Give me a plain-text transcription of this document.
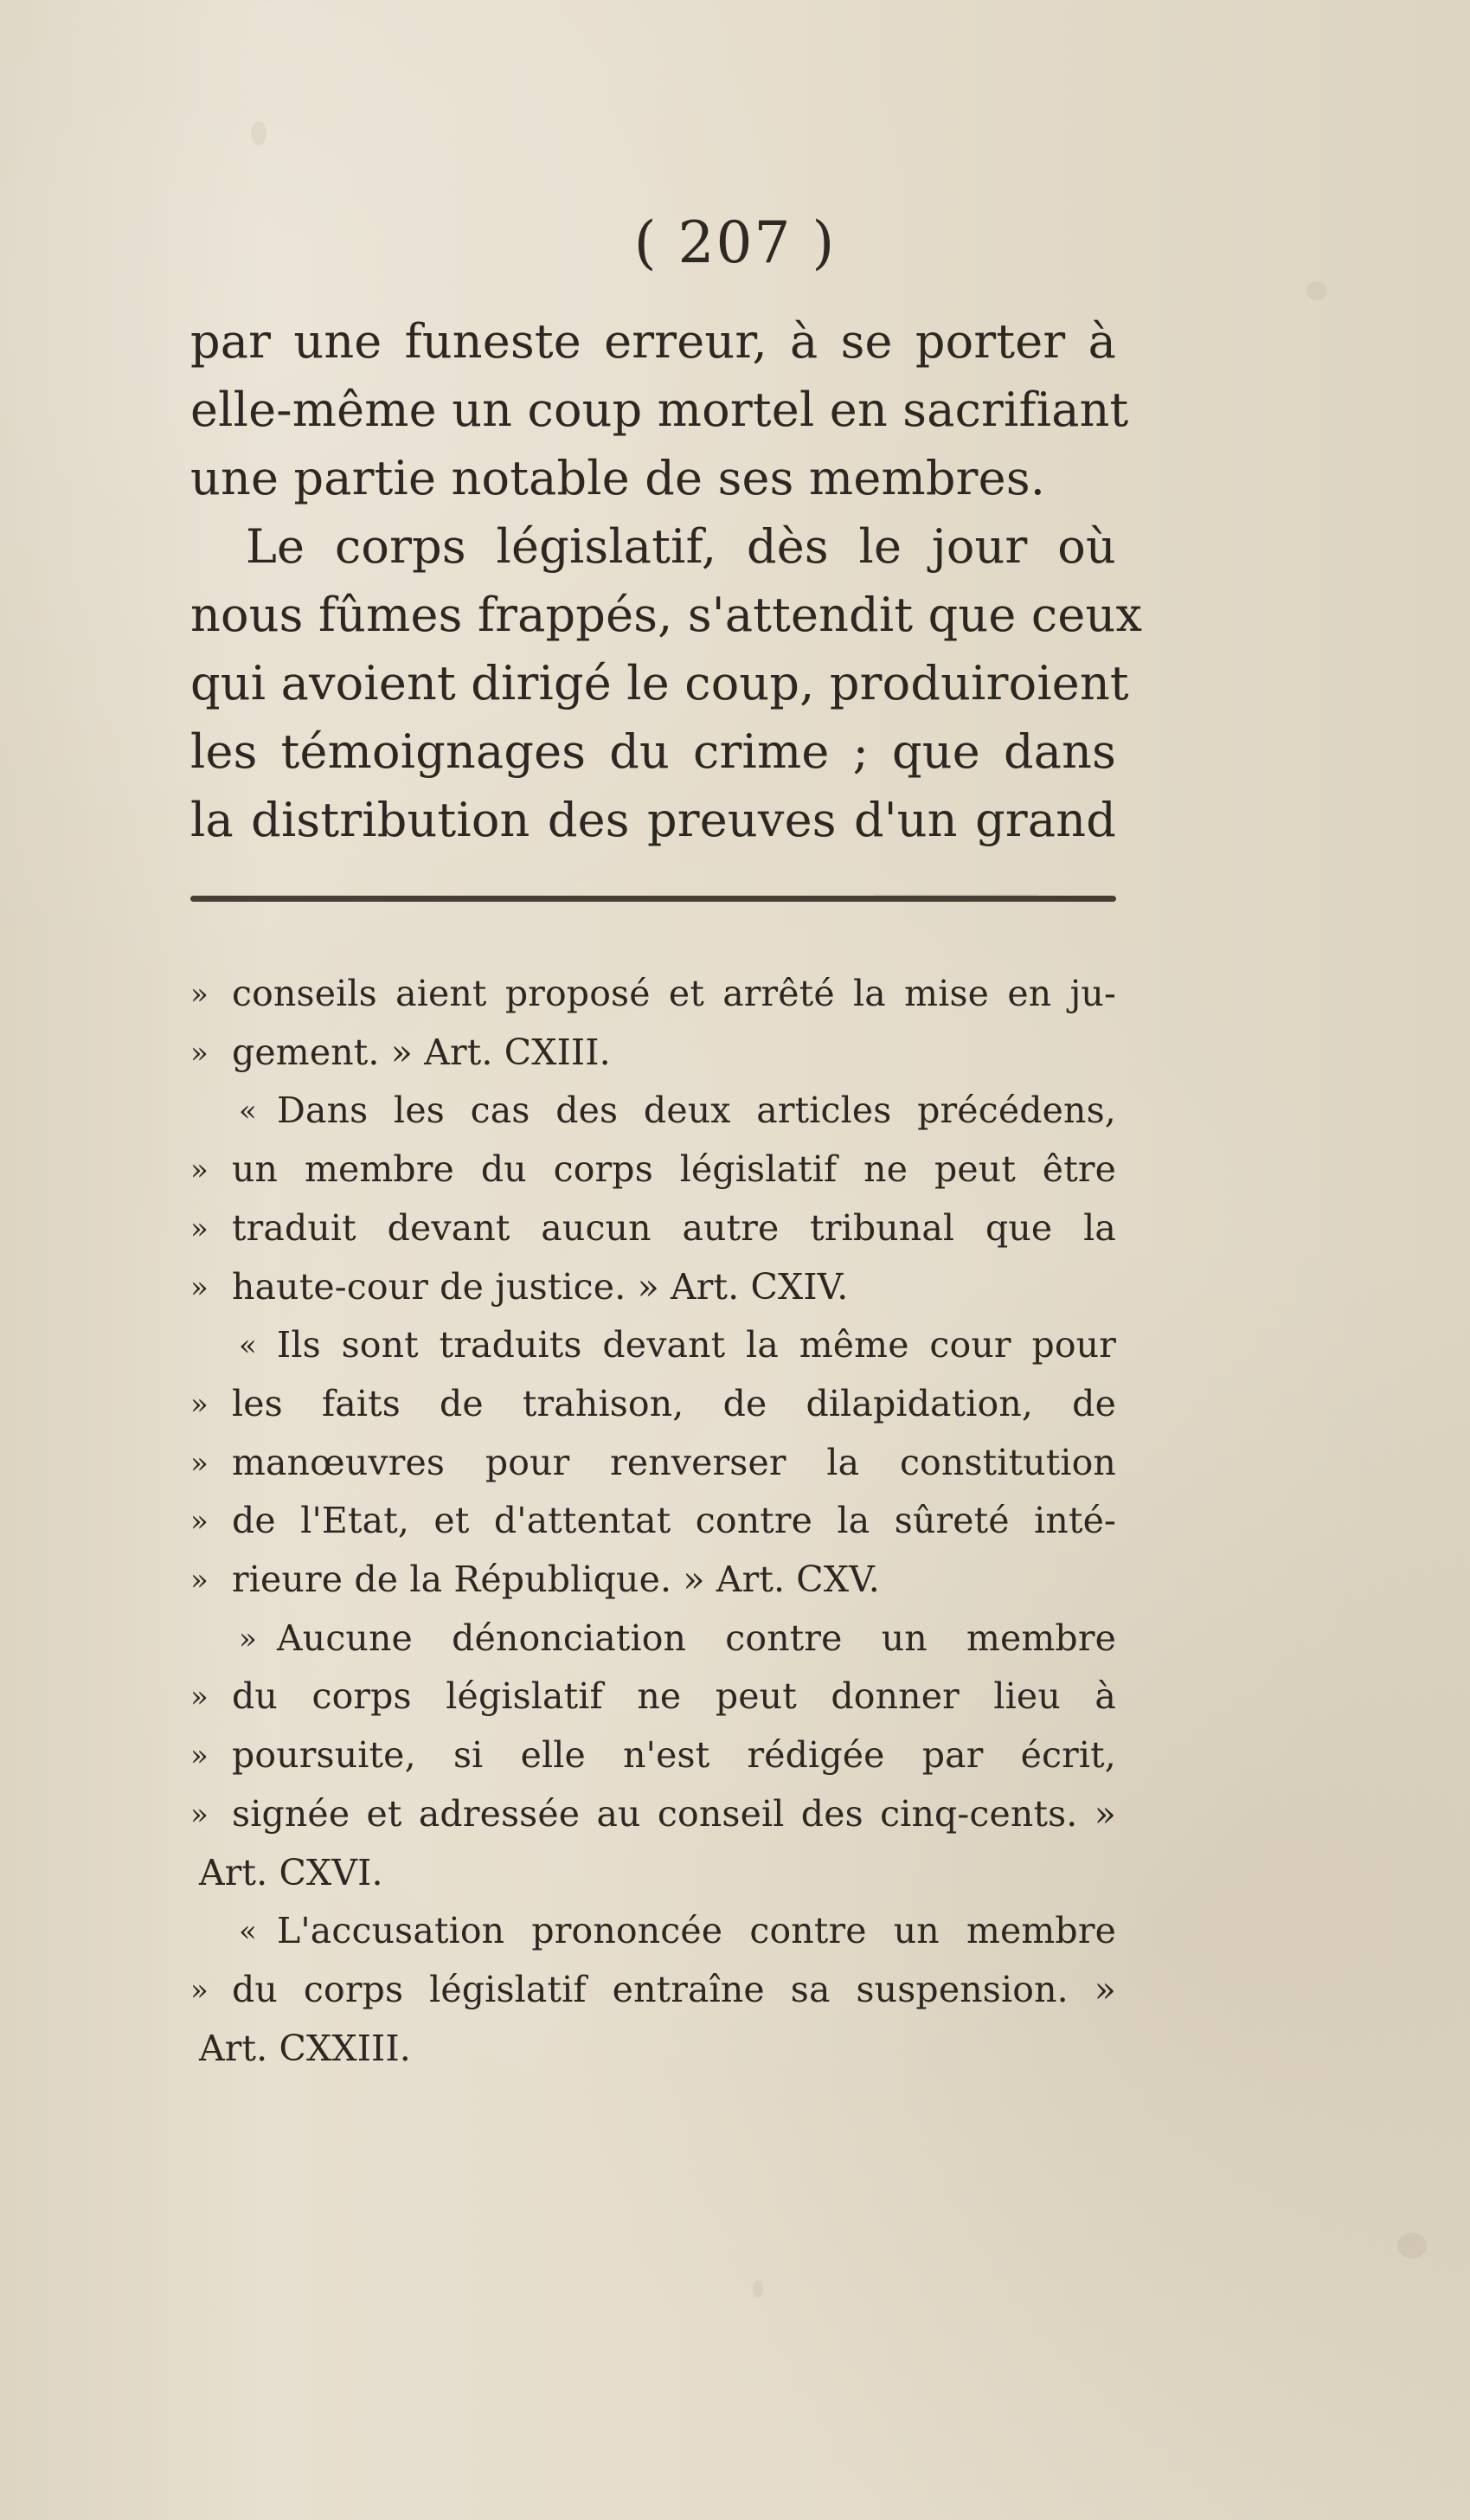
( 207 )

par une funeste erreur, à se porter à

elle-même un coup mortel en sacrifiant

une partie notable de ses membres.

Le corps législatif, dès le jour où

nous fûmes frappés, s'attendit que ceux

qui avoient dirigé le coup, produiroient

les témoignages du crime ; que dans

la distribution des preuves d'un grand

» conseils aient proposé et arrêté la mise en ju-
» gement. » Art. CXIII.
« Dans les cas des deux articles précédens,
» un membre du corps législatif ne peut être
» traduit devant aucun autre tribunal que la
» haute-cour de justice. » Art. CXIV.
« Ils sont traduits devant la même cour pour
» les faits de trahison, de dilapidation, de
» manœuvres pour renverser la constitution
» de l'Etat, et d'attentat contre la sûreté inté-
» rieure de la République. » Art. CXV.
» Aucune dénonciation contre un membre
» du corps législatif ne peut donner lieu à
» poursuite, si elle n'est rédigée par écrit,
» signée et adressée au conseil des cinq-cents. »
Art. CXVI.
« L'accusation prononcée contre un membre
» du corps législatif entraîne sa suspension. »
Art. CXXIII.
